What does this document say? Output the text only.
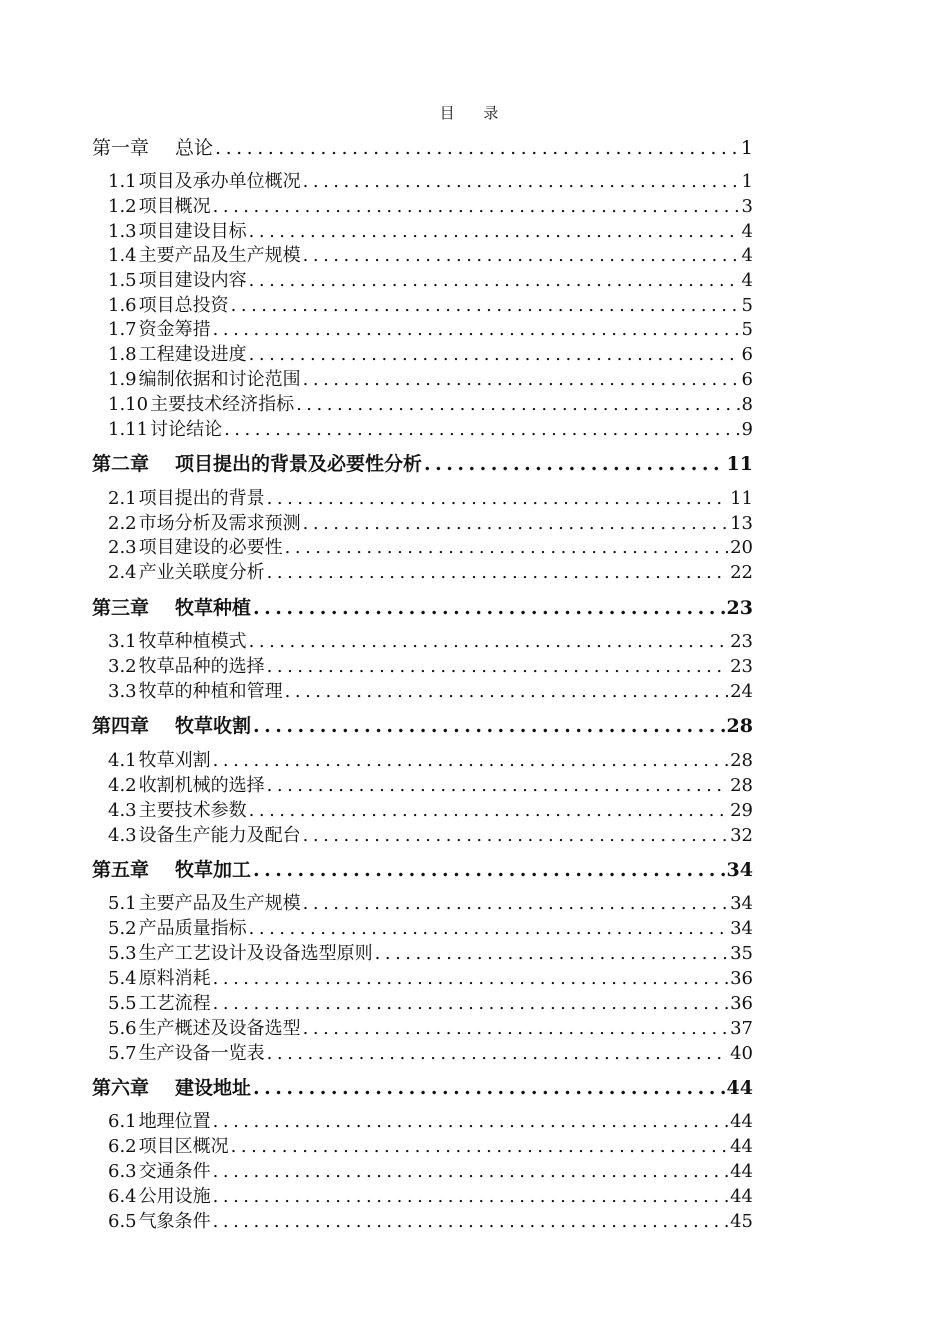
目 录
第一章 总论 .....	1
1.1 项目及承办单位概况 .....	1
1.2 项目概况 .....	3
1.3 项目建设目标 .....	4
1.4 主要产品及生产规模 .....	4
1.5 项目建设内容 .....	4
1.6 项目总投资 .....	5
1.7 资金筹措 .....	5
1.8 工程建设进度 .....	6
1.9 编制依据和讨论范围 .....	6
1.10 主要技术经济指标 .....	8
1.11 讨论结论 .....	9
第二章 项目提出的背景及必要性分析 .....	11
2.1 项目提出的背景 .....	11
2.2 市场分析及需求预测 .....	13
2.3 项目建设的必要性 .....	20
2.4 产业关联度分析 .....	22
第三章 牧草种植 .....	23
3.1 牧草种植模式 .....	23
3.2 牧草品种的选择 .....	23
3.3 牧草的种植和管理 .....	24
第四章 牧草收割 .....	28
4.1 牧草刈割 .....	28
4.2 收割机械的选择 .....	28
4.3 主要技术参数 .....	29
4.3 设备生产能力及配台 .....	32
第五章 牧草加工 .....	34
5.1 主要产品及生产规模 .....	34
5.2 产品质量指标 .....	34
5.3 生产工艺设计及设备选型原则 .....	35
5.4 原料消耗 .....	36
5.5 工艺流程 .....	36
5.6 生产概述及设备选型 .....	37
5.7 生产设备一览表 .....	40
第六章 建设地址 .....	44
6.1 地理位置 .....	44
6.2 项目区概况 .....	44
6.3 交通条件 .....	44
6.4 公用设施 .....	44
6.5 气象条件 .....	45
